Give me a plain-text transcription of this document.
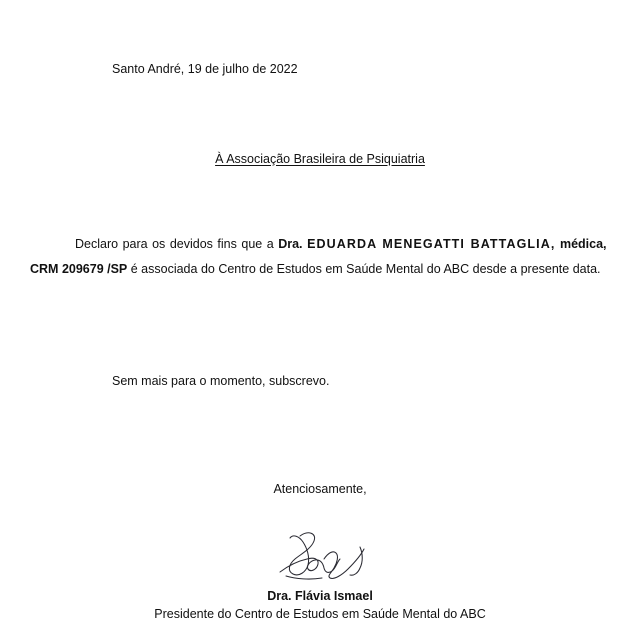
Santo André, 19 de julho de 2022
À Associação Brasileira de Psiquiatria

Declaro para os devidos fins que a Dra. EDUARDA MENEGATTI BATTAGLIA, médica,  CRM 209679 /SP é associada do Centro de Estudos em Saúde Mental do ABC desde a presente data.

Sem mais para o momento, subscrevo.
Atenciosamente,
Dra. Flávia Ismael
Presidente do Centro de Estudos em Saúde Mental do ABC
